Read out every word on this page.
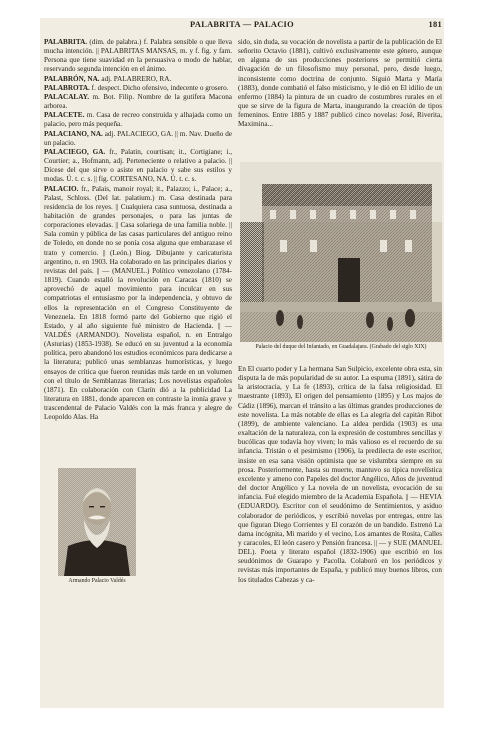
PALABRITA — PALACIO	181

PALABRITA. (dim. de palabra.) f. Palabra sensible o que lleva mucha intención. || PALABRITAS MANSAS, m. y f. fig. y fam. Persona que tiene suavidad en la persuasiva o modo de hablar, reservando segunda intención en el ánimo.

PALABRÓN, NA. adj. PALABRERO, RA.

PALABROTA. f. despect. Dicho ofensivo, indecente o grosero.

PALACALAY. m. Bot. Filip. Nombre de la gutífera Macona arborea.

PALACETE. m. Casa de recreo construida y alhajada como un palacio, pero más pequeña.

PALACIANO, NA. adj. PALACIEGO, GA. || m. Nav. Dueño de un palacio.

PALACIEGO, GA. fr., Palatin, courtisan; it., Cortigiane; i., Courtier; a., Hofmann, adj. Perteneciente o relativo a palacio. || Dícese del que sirve o asiste en palacio y sabe sus estilos y modas. Ú. t. c. s. || fig. CORTESANO, NA. Ú. t. c. s.

PALACIO. fr., Palais, manoir royal; it., Palazzo; i., Palace; a., Palast, Schloss. (Del lat. palatium.) m. Casa destinada para residencia de los reyes. || Cualquiera casa suntuosa, destinada a habitación de grandes personajes, o para las juntas de corporaciones elevadas. || Casa solariega de una familia noble. || Sala común y pública de las casas particulares del antiguo reino de Toledo, en donde no se ponía cosa alguna que embarazase el trato y comercio. || (León.) Biog. Dibujante y caricaturista argentino, n. en 1903. Ha colaborado en las principales diarios y revistas del país. || — (MANUEL.) Político venezolano (1784-1819). Cuando estalló la revolución en Caracas (1810) se aprovechó de aquel movimiento para inculcar en sus compatriotas el entusiasmo por la independencia, y obtuvo de ellos la representación en el Congreso Constituyente de Venezuela. En 1818 formó parte del Gobierno que rigió el Estado, y al año siguiente fué ministro de Hacienda. || — VALDÉS (ARMANDO). Novelista español, n. en Entralgo (Asturias) (1853-1938). Se educó en su juventud a la economía política, pero abandonó los estudios económicos para dedicarse a la literatura; publicó unas semblanzas humorísticas, y luego ensayos de crítica que fueron reunidas más tarde en un volumen con el título de Semblanzas literarias; Los novelistas españoles (1871). En colaboración con Clarín dió a la publicidad La literatura en 1881, donde aparecen en contraste la ironía grave y trascendental de Palacio Valdés con la más franca y alegre de Leopoldo Alas. Ha

sido, sin duda, su vocación de novelista a partir de la publicación de El señorito Octavio (1881), cultivó exclusivamente este género, aunque en alguna de sus producciones posteriores se permitió cierta divagación de un filosofismo muy personal, pero, desde luego, inconsistente como doctrina de conjunto. Siguió Marta y María (1883), donde combatió el falso misticismo, y le dió en El idilio de un enfermo (1884) la pintura de un cuadro de costumbres rurales en el que se sirve de la figura de Marta, inaugurando la creación de tipos femeninos. Entre 1885 y 1887 publicó cinco novelas: José, Riverita, Maximina...

Palacio del duque del Infantado, en Guadalajara. (Grabado del siglo XIX)

En El cuarto poder y La hermana San Sulpicio, excelente obra esta, sin disputa la de más popularidad de su autor. La espuma (1891), sátira de la aristocracia, y La fe (1893), crítica de la falsa religiosidad. El maestrante (1893), El origen del pensamiento (1895) y Los majos de Cádiz (1896), marcan el tránsito a las últimas grandes producciones de este novelista. La más notable de ellas es La alegría del capitán Ribot (1899), de ambiente valenciano. La aldea perdida (1903) es una exaltación de la naturaleza, con la expresión de costumbres sencillas y bucólicas que todavía hoy viven; lo más valioso es el recuerdo de su infancia. Tristán o el pesimismo (1906), la predilecta de este escritor, insiste en esa sana visión optimista que se vislumbra siempre en su prosa. Posteriormente, hasta su muerte, mantuvo su típica novelística excelente y ameno con Papeles del doctor Angélico, Años de juventud del doctor Angélico y La novela de un novelista, evocación de su infancia. Fué elegido miembro de la Academia Española. || — HEVIA (EDUARDO). Escritor con el seudónimo de Sentimientos, y asiduo colaborador de periódicos, y escribió novelas por entregas, entre las que figuran Diego Corrientes y El corazón de un bandido. Estrenó La dama incógnita, Mi marido y el vecino, Los amantes de Rosita, Calles y caracoles, El león casero y Pensión francesa. || — y SUE (MANUEL DEL). Poeta y literato español (1832-1906) que escribió en los seudónimos de Guarapo y Pacolla. Colaboró en los periódicos y revistas más importantes de España, y publicó muy buenos libros, con los titulados Cabezas y ca-

Armando Palacio Valdés
